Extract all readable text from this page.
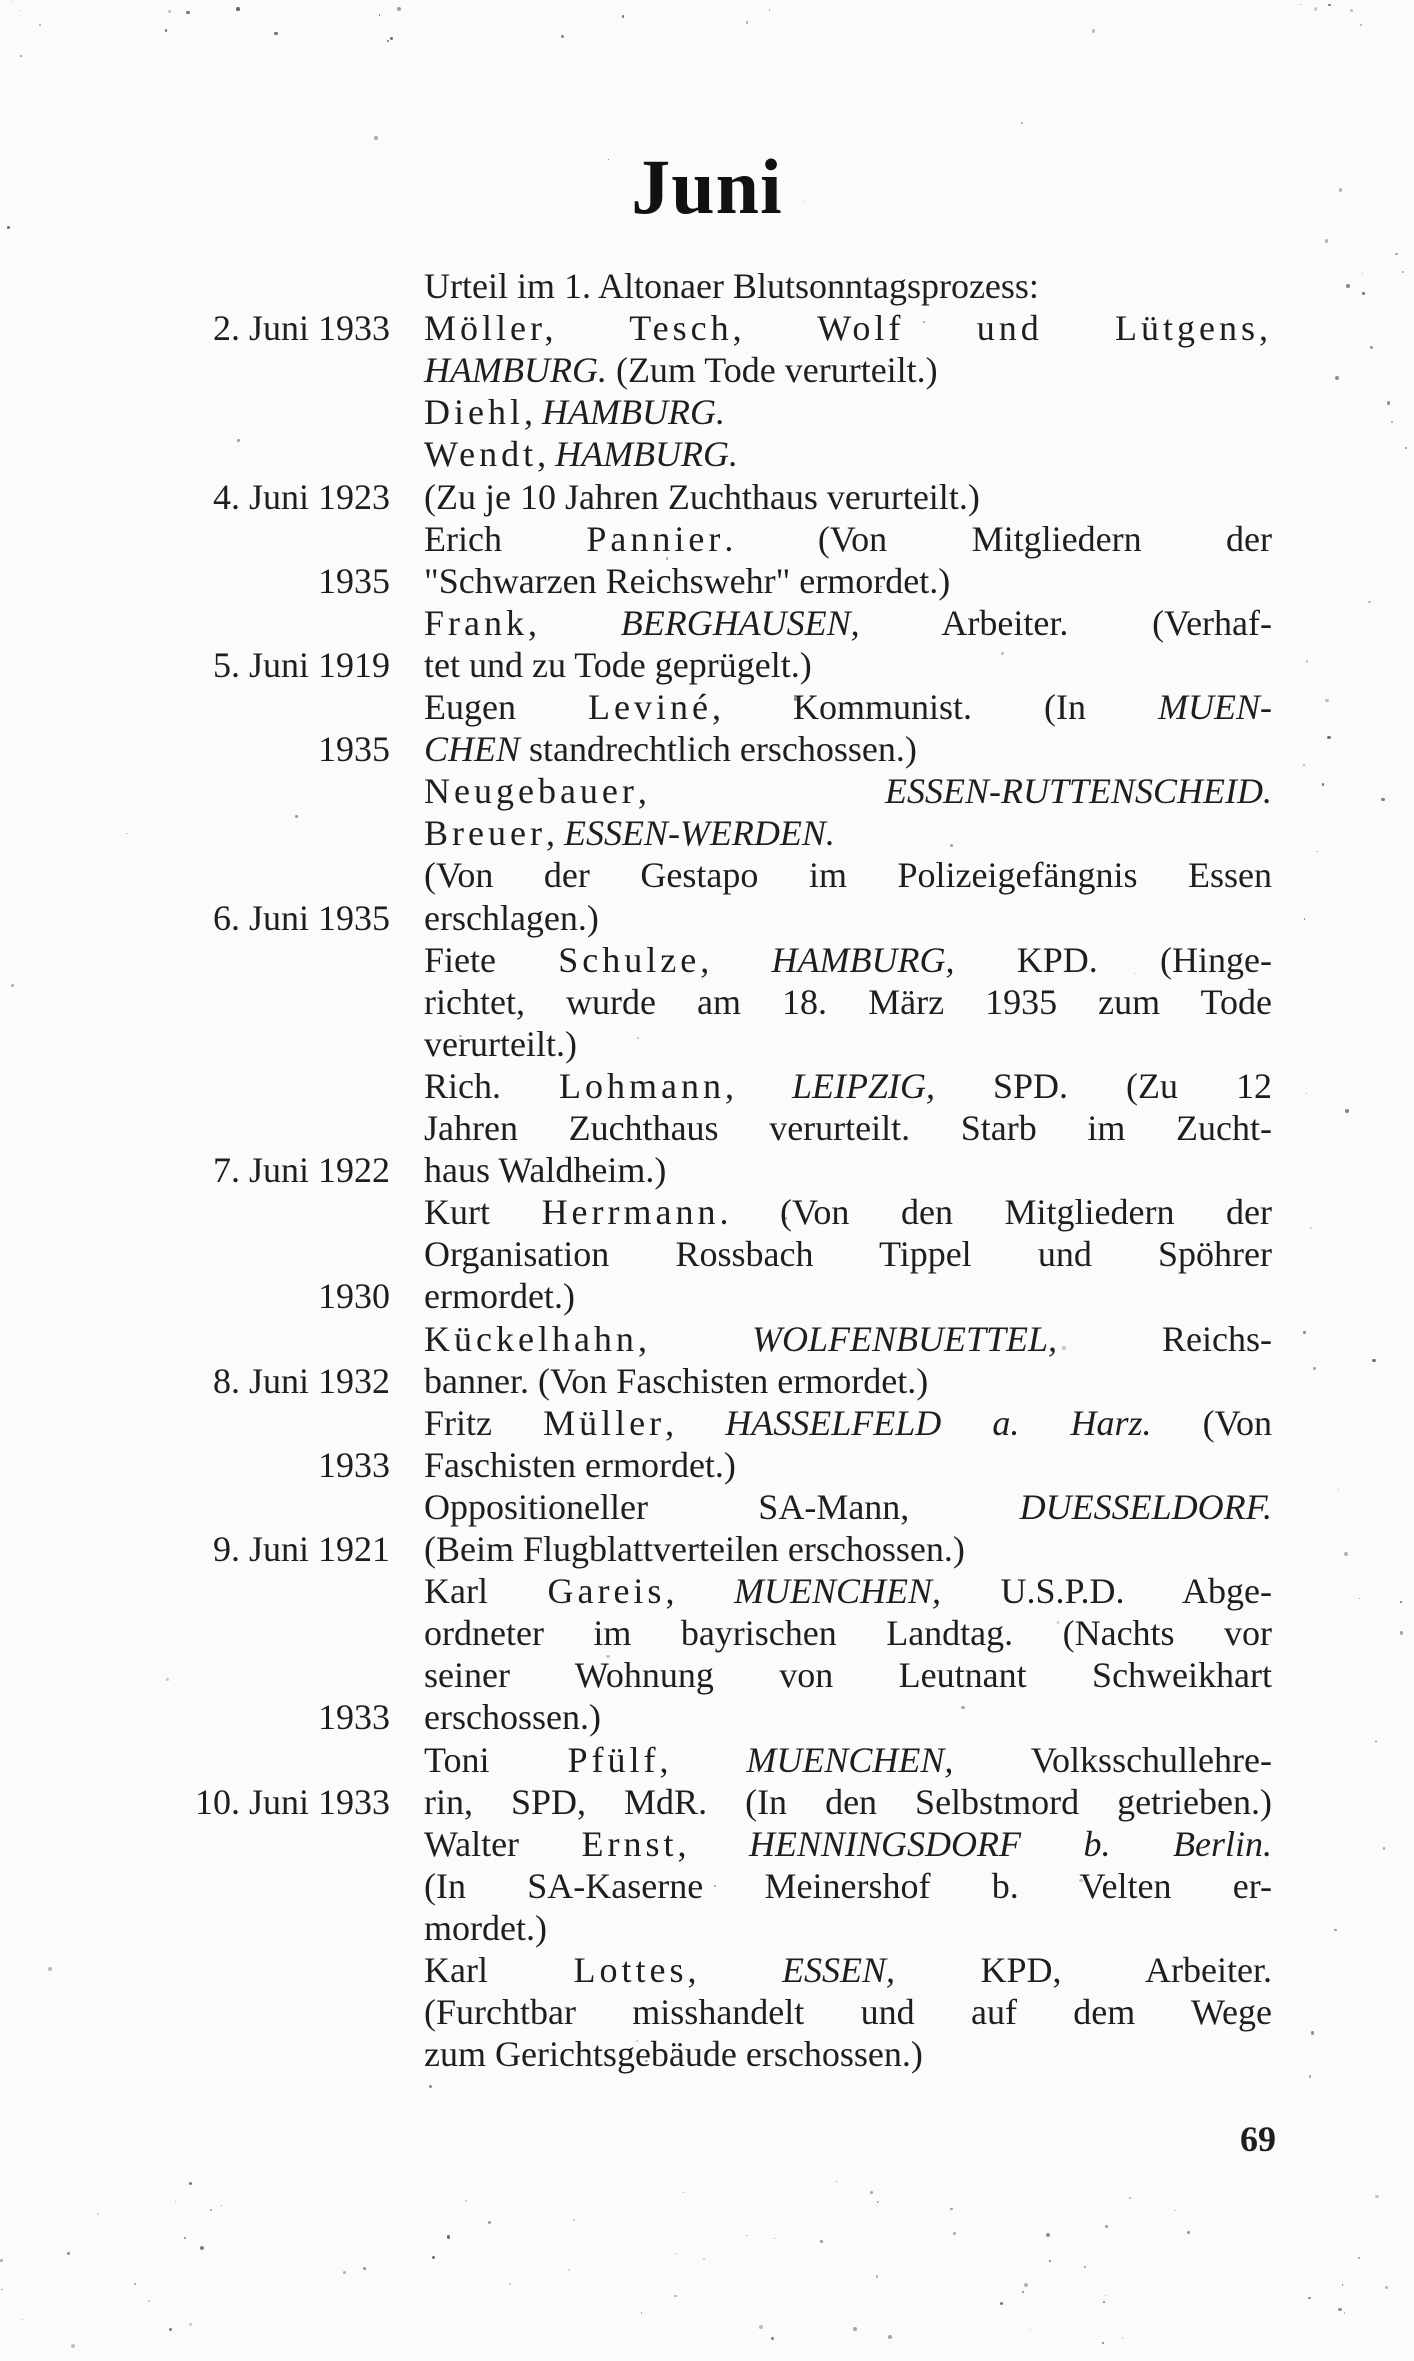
Juni
2. Juni 1933
4. Juni 1923
1935
5. Juni 1919
1935
6. Juni 1935
7. Juni 1922
1930
8. Juni 1932
1933
9. Juni 1921
1933
10. Juni 1933
Urteil im 1. Altonaer Blutsonntagsprozess:
Möller, Tesch, Wolf und Lütgens,
HAMBURG. (Zum Tode verurteilt.)
Diehl, HAMBURG.
Wendt, HAMBURG.
(Zu je 10 Jahren Zuchthaus verurteilt.)
Erich Pannier. (Von Mitgliedern der
"Schwarzen Reichswehr" ermordet.)
Frank, BERGHAUSEN, Arbeiter. (Verhaf-
tet und zu Tode geprügelt.)
Eugen Leviné, Kommunist. (In MUEN-
CHEN standrechtlich erschossen.)
Neugebauer, ESSEN-RUTTENSCHEID.
Breuer, ESSEN-WERDEN.
(Von der Gestapo im Polizeigefängnis Essen
erschlagen.)
Fiete Schulze, HAMBURG, KPD. (Hinge-
richtet, wurde am 18. März 1935 zum Tode
verurteilt.)
Rich. Lohmann, LEIPZIG, SPD. (Zu 12
Jahren Zuchthaus verurteilt. Starb im Zucht-
haus Waldheim.)
Kurt Herrmann. (Von den Mitgliedern der
Organisation Rossbach Tippel und Spöhrer
ermordet.)
Kückelhahn, WOLFENBUETTEL, Reichs-
banner. (Von Faschisten ermordet.)
Fritz Müller, HASSELFELD a. Harz. (Von
Faschisten ermordet.)
Oppositioneller SA-Mann, DUESSELDORF.
(Beim Flugblattverteilen erschossen.)
Karl Gareis, MUENCHEN, U.S.P.D. Abge-
ordneter im bayrischen Landtag. (Nachts vor
seiner Wohnung von Leutnant Schweikhart
erschossen.)
Toni Pfülf, MUENCHEN, Volksschullehre-
rin, SPD, MdR. (In den Selbstmord getrieben.)
Walter Ernst, HENNINGSDORF b. Berlin.
(In SA-Kaserne Meinershof b. Velten er-
mordet.)
Karl Lottes, ESSEN, KPD, Arbeiter.
(Furchtbar misshandelt und auf dem Wege
zum Gerichtsgebäude erschossen.)
69
